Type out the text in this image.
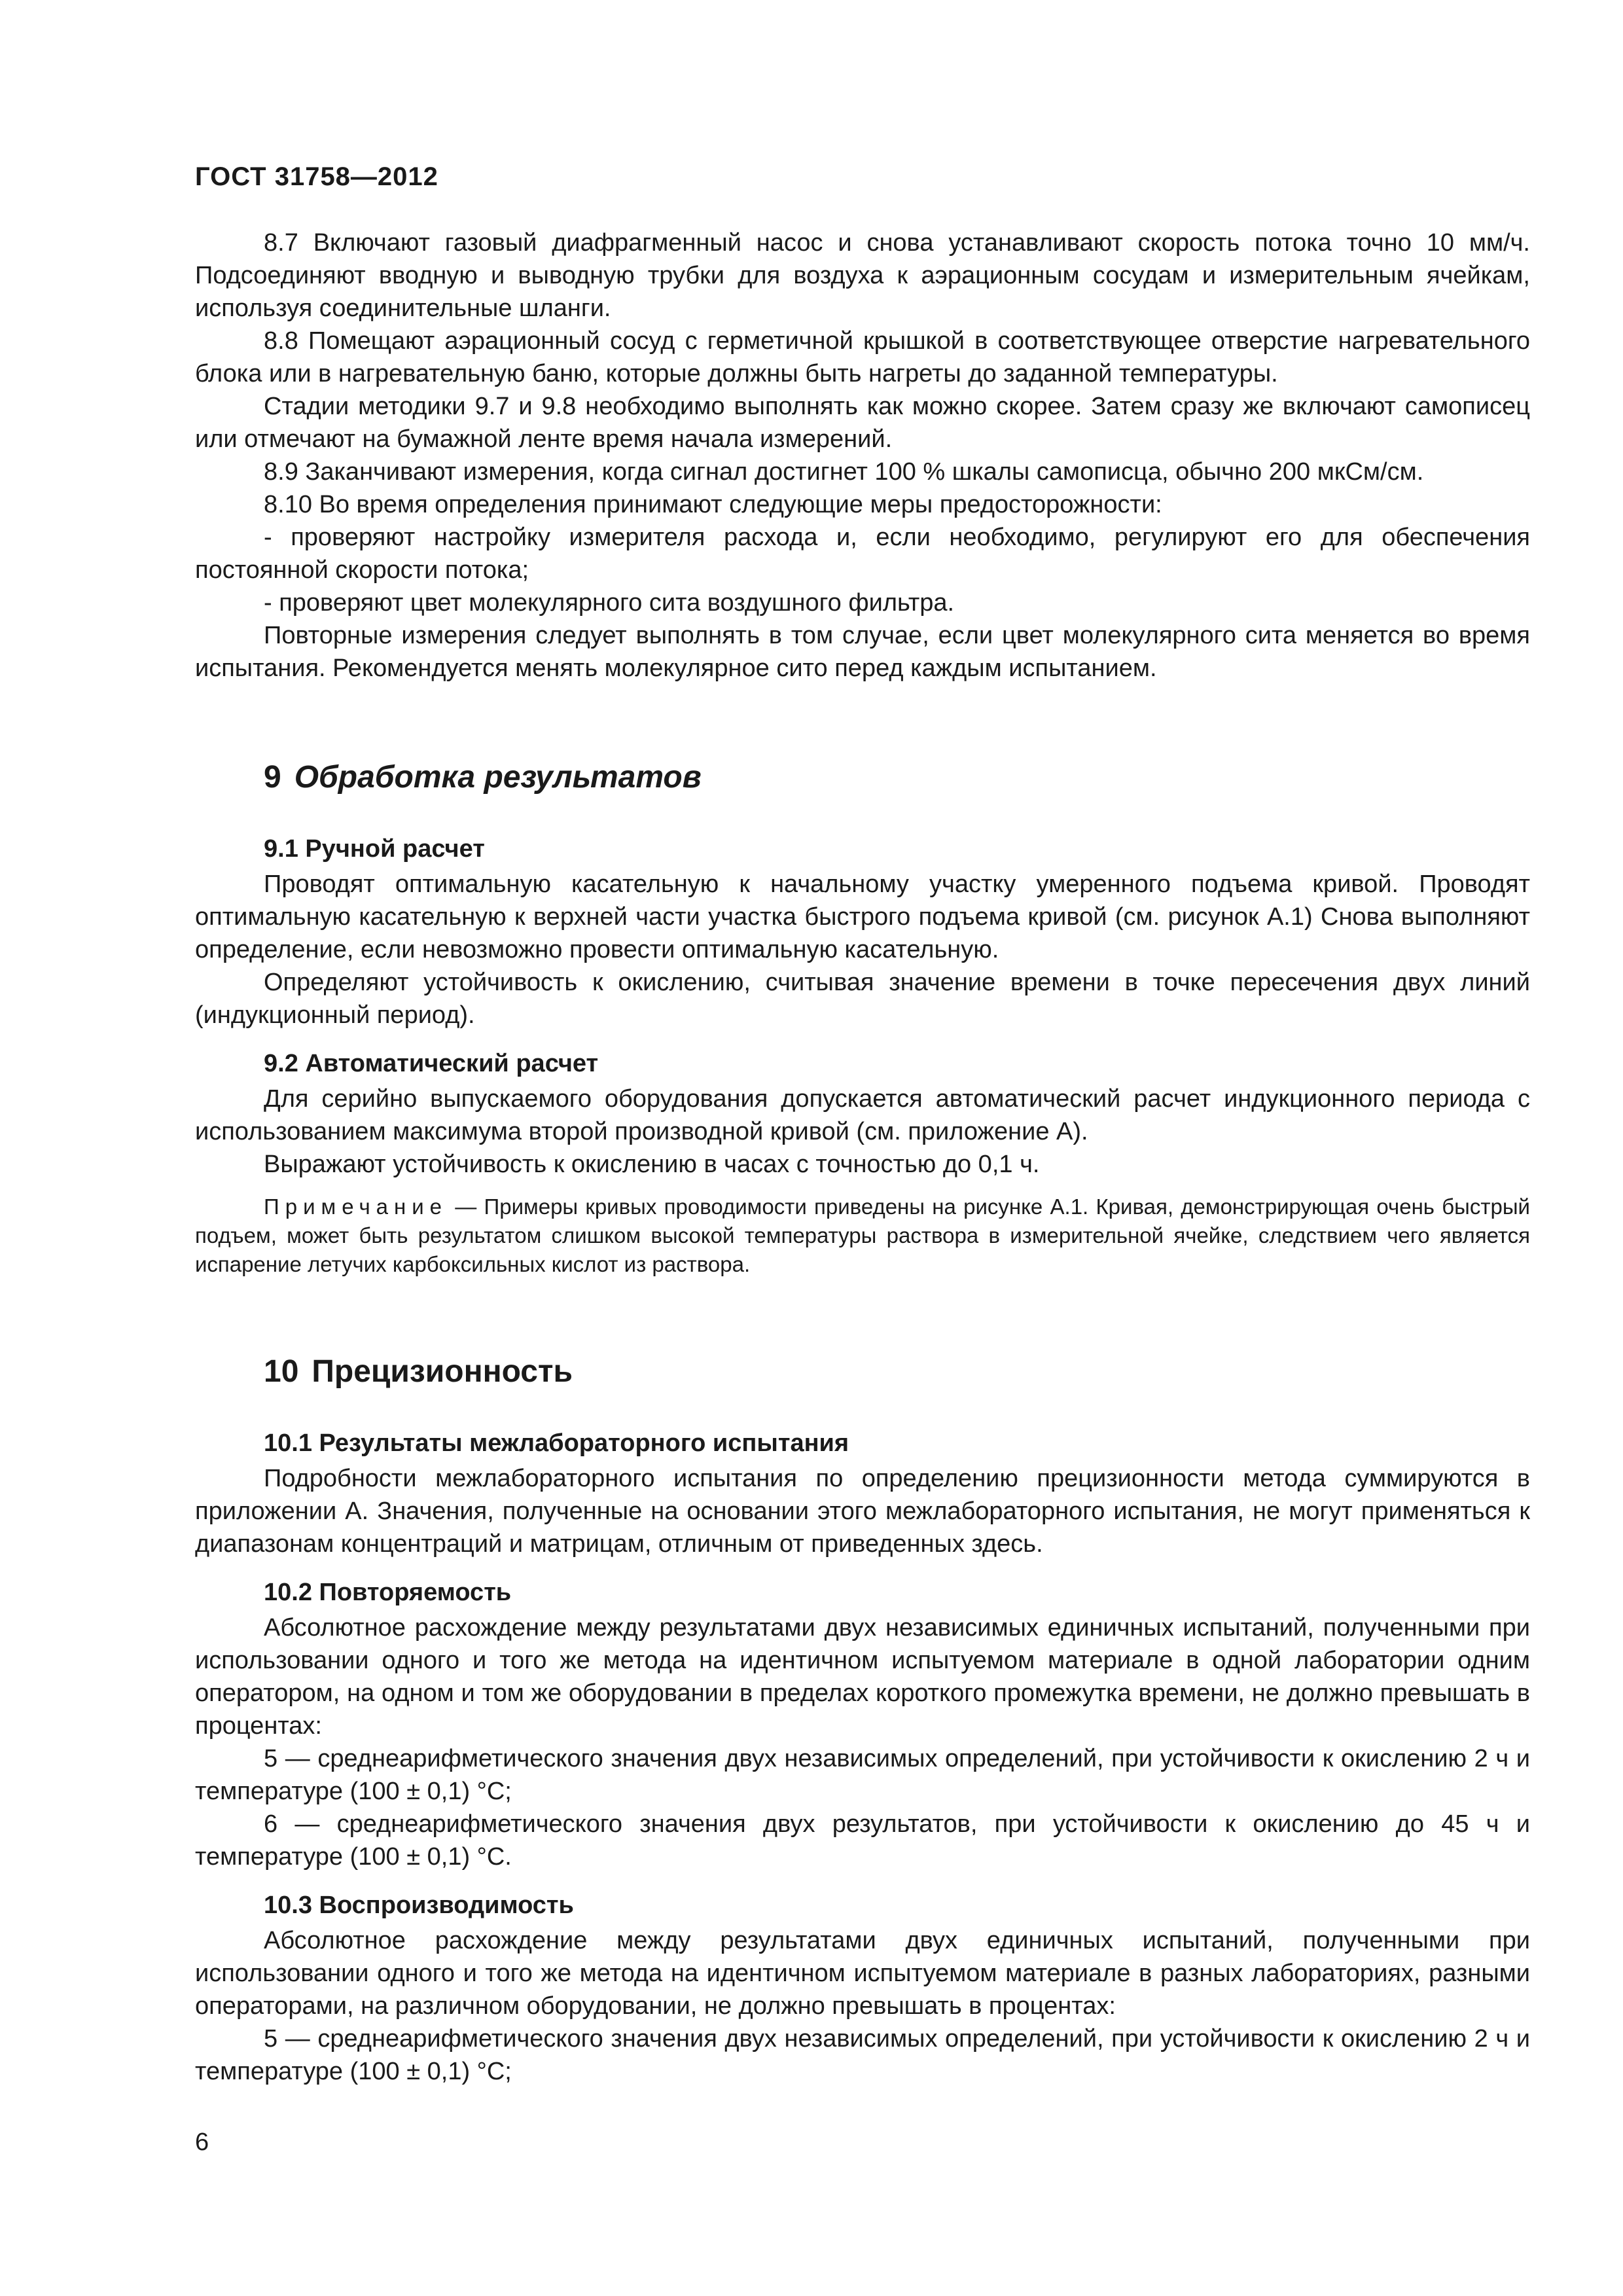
ГОСТ 31758—2012

8.7 Включают газовый диафрагменный насос и снова устанавливают скорость потока точно 10 мм/ч. Подсоединяют вводную и выводную трубки для воздуха к аэрационным сосудам и измерительным ячейкам, используя соединительные шланги.

8.8 Помещают аэрационный сосуд с герметичной крышкой в соответствующее отверстие нагревательного блока или в нагревательную баню, которые должны быть нагреты до заданной температуры.

Стадии методики 9.7 и 9.8 необходимо выполнять как можно скорее. Затем сразу же включают самописец или отмечают на бумажной ленте время начала измерений.

8.9 Заканчивают измерения, когда сигнал достигнет 100 % шкалы самописца, обычно 200 мкСм/см.

8.10 Во время определения принимают следующие меры предосторожности:

- проверяют настройку измерителя расхода и, если необходимо, регулируют его для обеспечения постоянной скорости потока;

- проверяют цвет молекулярного сита воздушного фильтра.

Повторные измерения следует выполнять в том случае, если цвет молекулярного сита меняется во время испытания. Рекомендуется менять молекулярное сито перед каждым испытанием.

9 Обработка результатов
9.1 Ручной расчет

Проводят оптимальную касательную к начальному участку умеренного подъема кривой. Проводят оптимальную касательную к верхней части участка быстрого подъема кривой (см. рисунок А.1) Снова выполняют определение, если невозможно провести оптимальную касательную.

Определяют устойчивость к окислению, считывая значение времени в точке пересечения двух линий (индукционный период).

9.2 Автоматический расчет

Для серийно выпускаемого оборудования допускается автоматический расчет индукционного периода с использованием максимума второй производной кривой (см. приложение А).

Выражают устойчивость к окислению в часах с точностью до 0,1 ч.

Примечание — Примеры кривых проводимости приведены на рисунке А.1. Кривая, демонстрирующая очень быстрый подъем, может быть результатом слишком высокой температуры раствора в измерительной ячейке, следствием чего является испарение летучих карбоксильных кислот из раствора.

10 Прецизионность
10.1 Результаты межлабораторного испытания

Подробности межлабораторного испытания по определению прецизионности метода суммируются в приложении А. Значения, полученные на основании этого межлабораторного испытания, не могут применяться к диапазонам концентраций и матрицам, отличным от приведенных здесь.

10.2 Повторяемость

Абсолютное расхождение между результатами двух независимых единичных испытаний, полученными при использовании одного и того же метода на идентичном испытуемом материале в одной лаборатории одним оператором, на одном и том же оборудовании в пределах короткого промежутка времени, не должно превышать в процентах:

5 — среднеарифметического значения двух независимых определений, при устойчивости к окислению 2 ч и температуре (100 ± 0,1) °С;

6 — среднеарифметического значения двух результатов, при устойчивости к окислению до 45 ч и температуре (100 ± 0,1) °С.

10.3 Воспроизводимость

Абсолютное расхождение между результатами двух единичных испытаний, полученными при использовании одного и того же метода на идентичном испытуемом материале в разных лабораториях, разными операторами, на различном оборудовании, не должно превышать в процентах:

5 — среднеарифметического значения двух независимых определений, при устойчивости к окислению 2 ч и температуре (100 ± 0,1) °С;

6
